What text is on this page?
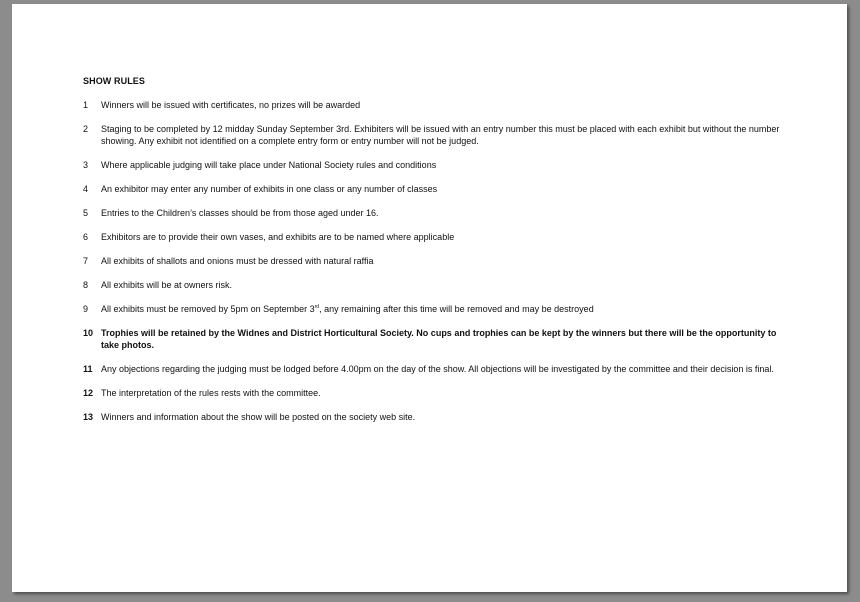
SHOW RULES
1 Winners will be issued with certificates, no prizes will be awarded
2 Staging to be completed by 12 midday Sunday September 3rd. Exhibiters will be issued with an entry number this must be placed with each exhibit but without the number showing. Any exhibit not identified on a complete entry form or entry number will not be judged.
3 Where applicable judging will take place under National Society rules and conditions
4 An exhibitor may enter any number of exhibits in one class or any number of classes
5 Entries to the Children’s classes should be from those aged under 16.
6 Exhibitors are to provide their own vases, and exhibits are to be named where applicable
7 All exhibits of shallots and onions must be dressed with natural raffia
8 All exhibits will be at owners risk.
9 All exhibits must be removed by 5pm on September 3rd, any remaining after this time will be removed and may be destroyed
10 Trophies will be retained by the Widnes and District Horticultural Society. No cups and trophies can be kept by the winners but there will be the opportunity to take photos.
11 Any objections regarding the judging must be lodged before 4.00pm on the day of the show. All objections will be investigated by the committee and their decision is final.
12 The interpretation of the rules rests with the committee.
13 Winners and information about the show will be posted on the society web site.
